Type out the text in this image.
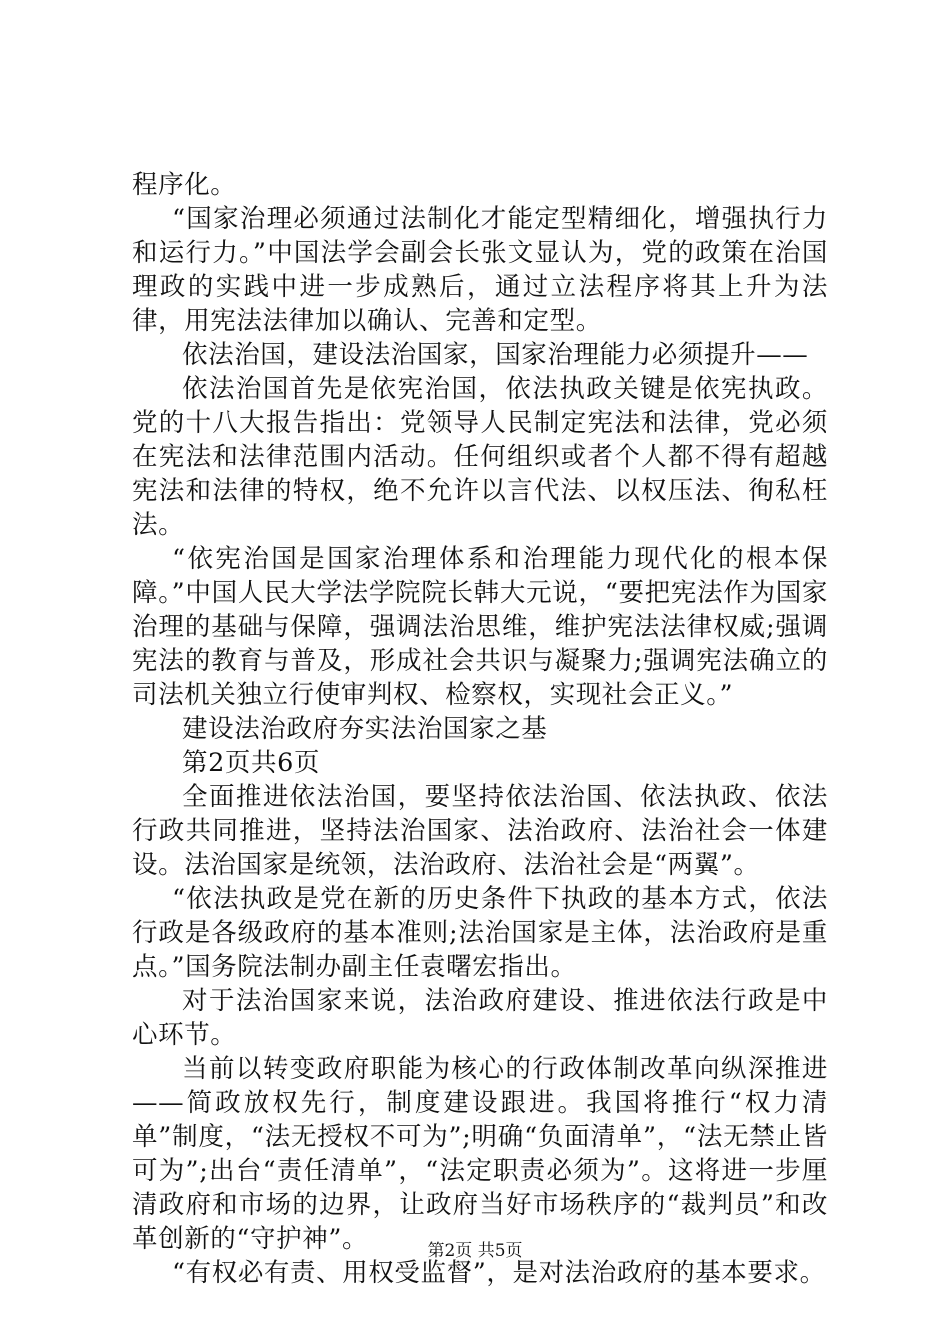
程序化。

“国家治理必须通过法制化才能定型精细化，增强执行力和运行力。”中国法学会副会长张文显认为，党的政策在治国理政的实践中进一步成熟后，通过立法程序将其上升为法律，用宪法法律加以确认、完善和定型。

依法治国，建设法治国家，国家治理能力必须提升——

依法治国首先是依宪治国，依法执政关键是依宪执政。党的十八大报告指出：党领导人民制定宪法和法律，党必须在宪法和法律范围内活动。任何组织或者个人都不得有超越宪法和法律的特权，绝不允许以言代法、以权压法、徇私枉法。

“依宪治国是国家治理体系和治理能力现代化的根本保障。”中国人民大学法学院院长韩大元说，“要把宪法作为国家治理的基础与保障，强调法治思维，维护宪法法律权威;强调宪法的教育与普及，形成社会共识与凝聚力;强调宪法确立的司法机关独立行使审判权、检察权，实现社会正义。”

建设法治政府夯实法治国家之基

第2页共6页

全面推进依法治国，要坚持依法治国、依法执政、依法行政共同推进，坚持法治国家、法治政府、法治社会一体建设。法治国家是统领，法治政府、法治社会是“两翼”。

“依法执政是党在新的历史条件下执政的基本方式，依法行政是各级政府的基本准则;法治国家是主体，法治政府是重点。”国务院法制办副主任袁曙宏指出。

对于法治国家来说，法治政府建设、推进依法行政是中心环节。

当前以转变政府职能为核心的行政体制改革向纵深推进——简政放权先行，制度建设跟进。我国将推行“权力清单”制度，“法无授权不可为”;明确“负面清单”，“法无禁止皆可为”;出台“责任清单”，“法定职责必须为”。这将进一步厘清政府和市场的边界，让政府当好市场秩序的“裁判员”和改革创新的“守护神”。

“有权必有责、用权受监督”，是对法治政府的基本要求。

第2页 共5页
